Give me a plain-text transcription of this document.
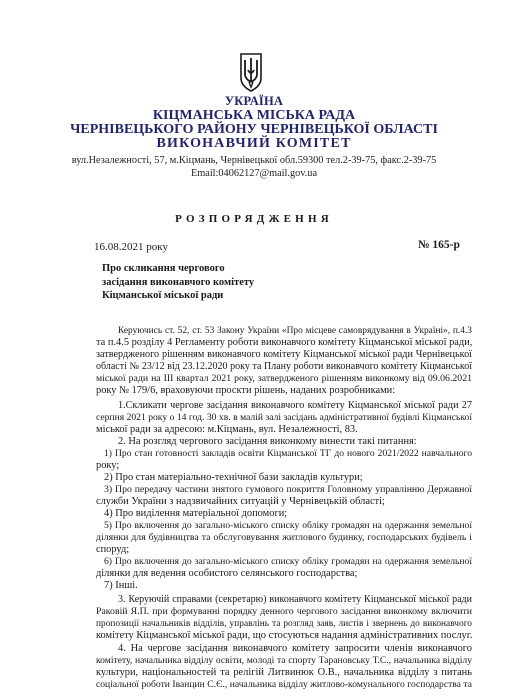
УКРАЇНА
КІЦМАНСЬКА МІСЬКА РАДА
ЧЕРНІВЕЦЬКОГО РАЙОНУ ЧЕРНІВЕЦЬКОЇ ОБЛАСТІ
ВИКОНАВЧИЙ КОМІТЕТ
вул.Незалежності, 57, м.Кіцмань, Чернівецької обл.59300 тел.2-39-75, факс.2-39-75
Email:04062127@mail.gov.ua
РОЗПОРЯДЖЕННЯ
16.08.2021 року	№ 165-р
Про скликання чергового
засідання виконавчого комітету
Кіцманської міської ради
Керуючись ст. 52, ст. 53 Закону України «Про місцеве самоврядування в Україні», п.4.3
та п.4.5 розділу 4 Регламенту роботи виконавчого комітету Кіцманської міської ради,
затвердженого рішенням виконавчого комітету Кіцманської міської ради Чернівецької
області № 23/12 від 23.12.2020 року та Плану роботи виконавчого комітету Кіцманської
міської ради на ІІІ квартал 2021 року, затвердженого рішенням виконкому від 09.06.2021
року № 179/6, враховуючи проскти рішень, наданих розробниками:
1.Скликати чергове засідання виконавчого комітету Кіцманської міської ради 27
серпня 2021 року о 14 год. 30 хв. в малій залі засідань адміністративної будівлі Кіцманської
міської ради за адресою: м.Кіцмань, вул. Незалежності, 83.
2. На розгляд чергового засідання виконкому винести такі питання:
1) Про стан готовності закладів освіти Кіцманської ТГ до нового 2021/2022 навчального
року;
2) Про стан матеріально-технічної бази закладів культури;
3) Про передачу частини знятого гумового покриття Головному управлінню Державної
служби України з надзвичайних ситуацій у Чернівецькій області;
4) Про виділення матеріальної допомоги;
5) Про включення до загально-міського списку обліку громадян на одержання земельної
ділянки для будівництва та обслуговування житлового будинку, господарських будівель і
споруд;
6) Про включення до загально-міського списку обліку громадян на одержання земельної
ділянки для ведення особистого селянського господарства;
7) Інші.
3. Керуючій справами (секретарю) виконавчого комітету Кіцманської міської ради
Раковій Я.П. при формуванні порядку денного чергового засідання виконкому включити
пропозиції начальників відділів, управлінь та розгляд заяв, листів і звернень до виконавчого
комітету Кіцманської міської ради, що стосуються надання адміністративних послуг.
4. На чергове засідання виконавчого комітету запросити членів виконавчого
комітету, начальника відділу освіти, молоді та спорту Тарановську Т.С., начальника відділу
культури, національностей та релігій Литвинюк О.В., начальника відділу з питань
соціальної роботи Іванцин С.Є., начальника відділу житлово-комунального господарства та
